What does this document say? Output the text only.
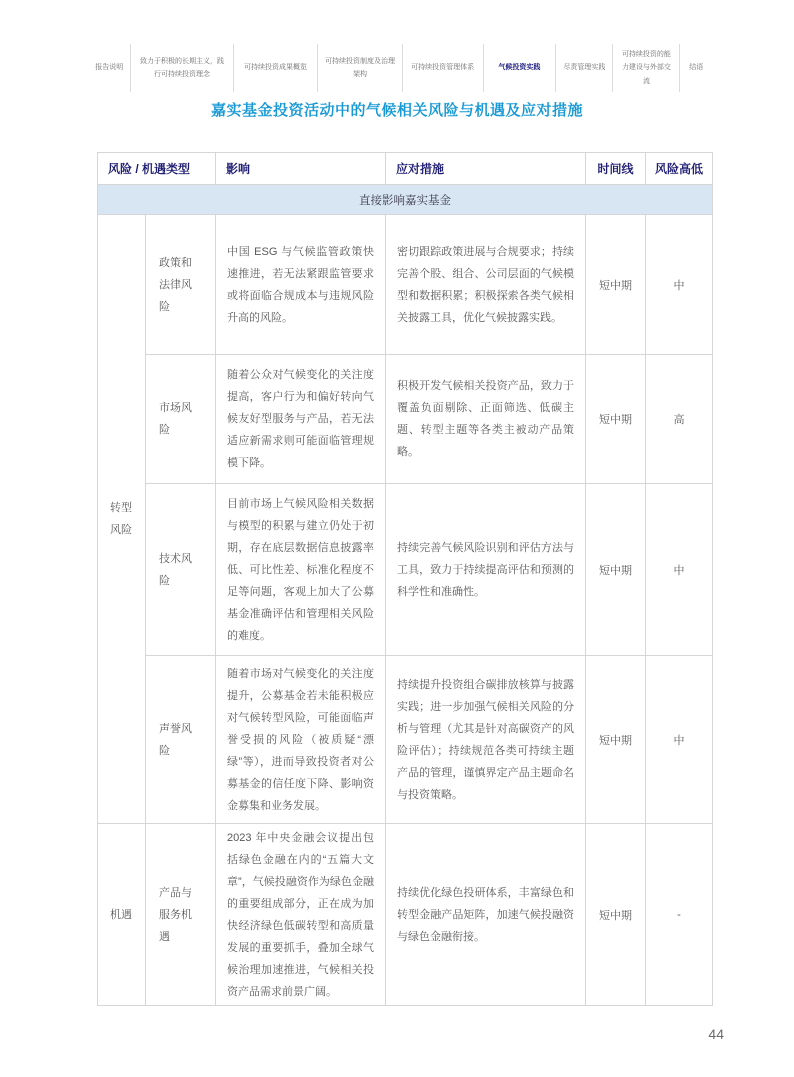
报告说明
致力于积极的长期主义，践行可持续投资理念
可持续投资成果概览
可持续投资制度及治理架构
可持续投资管理体系	气候投资实践	尽责管理实践
可持续投资的能力建设与外部交流
结语
嘉实基金投资活动中的气候相关风险与机遇及应对措施
风险 / 机遇类型		影响	应对措施	时间线	风险高低
直接影响嘉实基金					
转型风险	政策和法律风险	中国 ESG 与气候监管政策快速推进，若无法紧跟监管要求或将面临合规成本与违规风险升高的风险。	密切跟踪政策进展与合规要求；持续完善个股、组合、公司层面的气候模型和数据积累；积极探索各类气候相关披露工具，优化气候披露实践。	短中期	中
	市场风险	随着公众对气候变化的关注度提高，客户行为和偏好转向气候友好型服务与产品，若无法适应新需求则可能面临管理规模下降。	积极开发气候相关投资产品，致力于覆盖负面剔除、正面筛选、低碳主题、转型主题等各类主被动产品策略。	短中期	高
	技术风险	目前市场上气候风险相关数据与模型的积累与建立仍处于初期，存在底层数据信息披露率低、可比性差、标准化程度不足等问题，客观上加大了公募基金准确评估和管理相关风险的难度。	持续完善气候风险识别和评估方法与工具，致力于持续提高评估和预测的科学性和准确性。	短中期	中
	声誉风险	随着市场对气候变化的关注度提升，公募基金若未能积极应对气候转型风险，可能面临声誉受损的风险（被质疑“漂绿”等），进而导致投资者对公募基金的信任度下降、影响资金募集和业务发展。	持续提升投资组合碳排放核算与披露实践；进一步加强气候相关风险的分析与管理（尤其是针对高碳资产的风险评估）；持续规范各类可持续主题产品的管理，谨慎界定产品主题命名与投资策略。	短中期	中
机遇	产品与服务机遇	2023 年中央金融会议提出包括绿色金融在内的“五篇大文章”，气候投融资作为绿色金融的重要组成部分，正在成为加快经济绿色低碳转型和高质量发展的重要抓手，叠加全球气候治理加速推进，气候相关投资产品需求前景广阔。	持续优化绿色投研体系，丰富绿色和转型金融产品矩阵，加速气候投融资与绿色金融衔接。	短中期	-
44
